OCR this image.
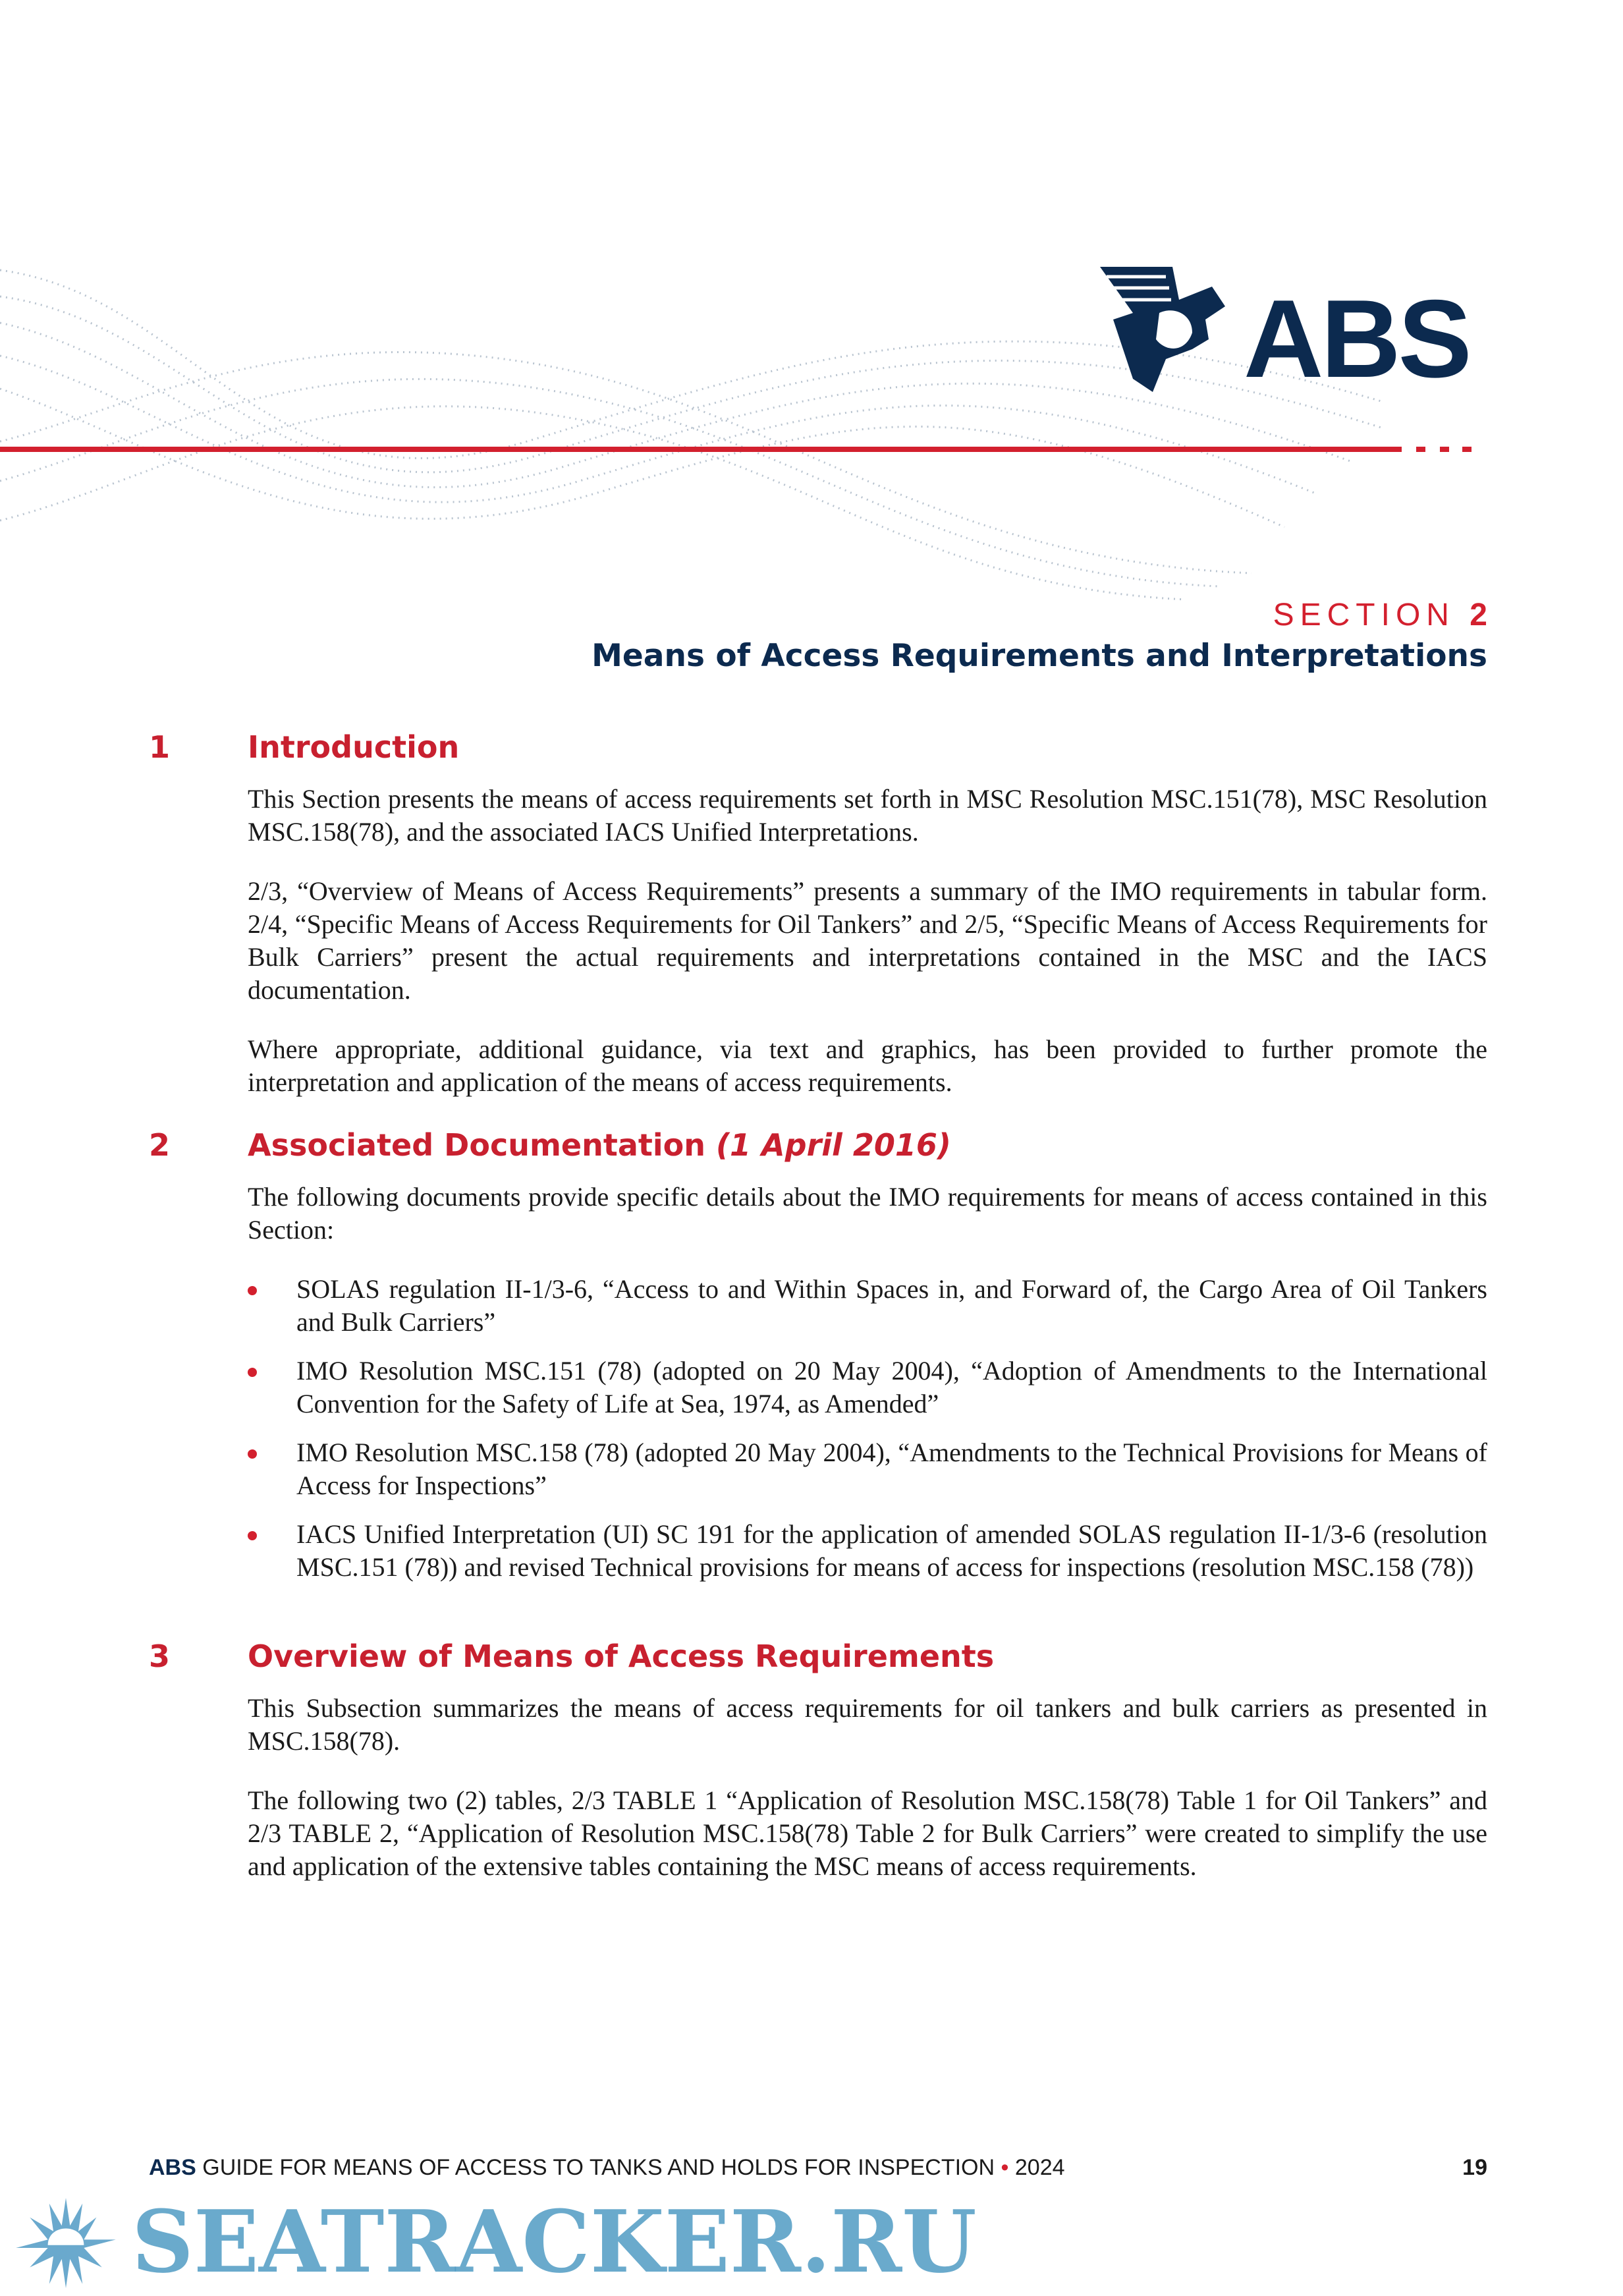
ABS
SECTION 2
Means of Access Requirements and Interpretations
1	Introduction
This Section presents the means of access requirements set forth in MSC Resolution MSC.151(78), MSC Resolution MSC.158(78), and the associated IACS Unified Interpretations.
2/3, “Overview of Means of Access Requirements” presents a summary of the IMO requirements in tabular form. 2/4, “Specific Means of Access Requirements for Oil Tankers” and 2/5, “Specific Means of Access Requirements for Bulk Carriers” present the actual requirements and interpretations contained in the MSC and the IACS documentation.
Where appropriate, additional guidance, via text and graphics, has been provided to further promote the interpretation and application of the means of access requirements.
2	Associated Documentation (1 April 2016)
The following documents provide specific details about the IMO requirements for means of access contained in this Section:
SOLAS regulation II-1/3-6, “Access to and Within Spaces in, and Forward of, the Cargo Area of Oil Tankers and Bulk Carriers”
IMO Resolution MSC.151 (78) (adopted on 20 May 2004), “Adoption of Amendments to the International Convention for the Safety of Life at Sea, 1974, as Amended”
IMO Resolution MSC.158 (78) (adopted 20 May 2004), “Amendments to the Technical Provisions for Means of Access for Inspections”
IACS Unified Interpretation (UI) SC 191 for the application of amended SOLAS regulation II-1/3-6 (resolution MSC.151 (78)) and revised Technical provisions for means of access for inspections (resolution MSC.158 (78))
3	Overview of Means of Access Requirements
This Subsection summarizes the means of access requirements for oil tankers and bulk carriers as presented in MSC.158(78).
The following two (2) tables, 2/3 TABLE 1 “Application of Resolution MSC.158(78) Table 1 for Oil Tankers” and 2/3 TABLE 2, “Application of Resolution MSC.158(78) Table 2 for Bulk Carriers” were created to simplify the use and application of the extensive tables containing the MSC means of access requirements.
ABS GUIDE FOR MEANS OF ACCESS TO TANKS AND HOLDS FOR INSPECTION • 2024	19
SEATRACKER.RU
